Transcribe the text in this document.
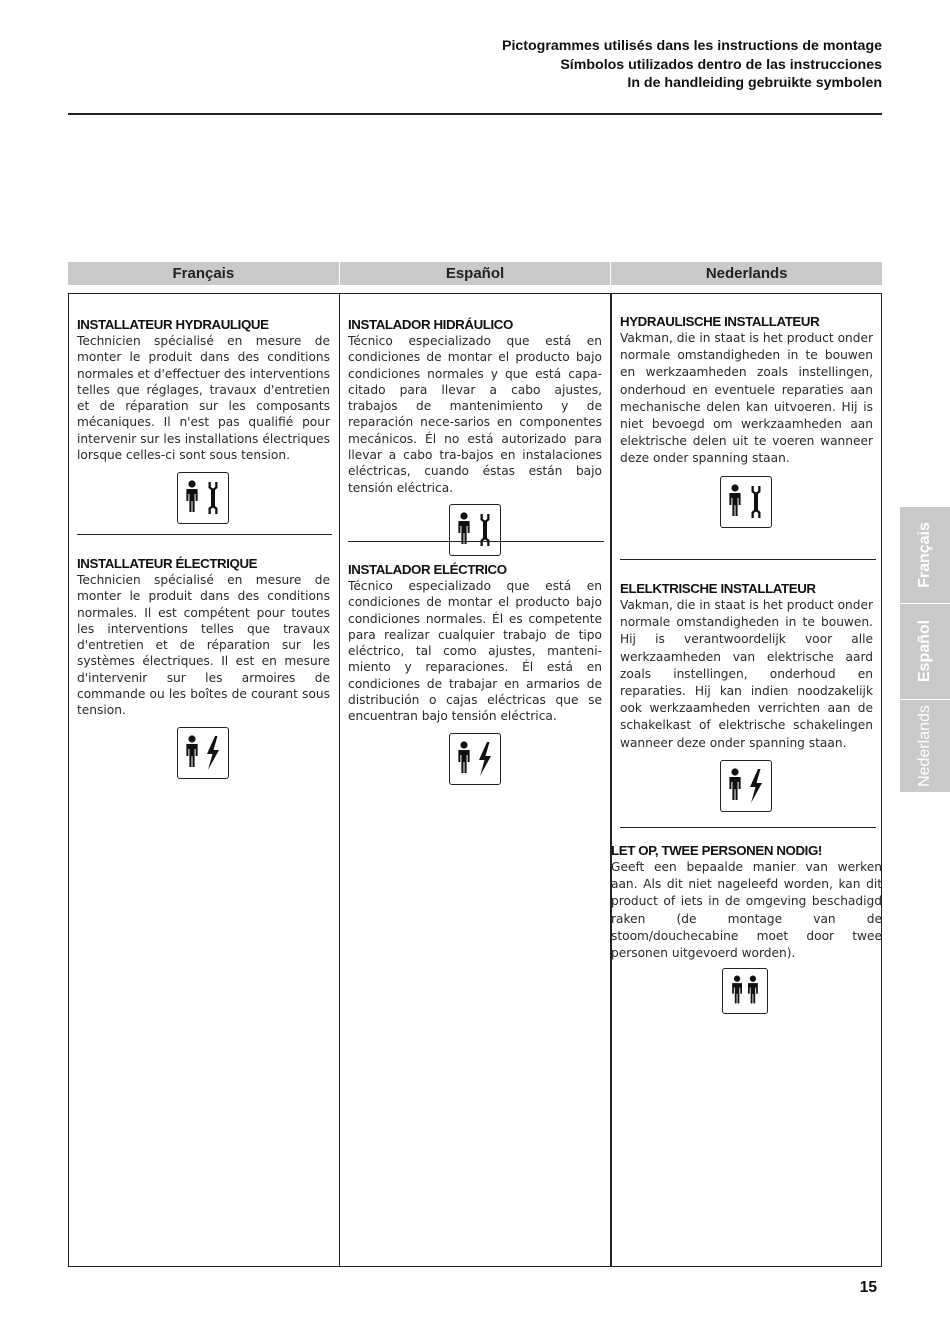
Pictogrammes utilisés dans les instructions de montage
Símbolos utilizados dentro de las instrucciones
In de handleiding gebruikte symbolen
Français	Español	Nederlands

INSTALLATEUR HYDRAULIQUE

Technicien spécialisé en mesure de monter le produit dans des conditions normales et d'effectuer des interventions telles que réglages, travaux d'entretien et de réparation sur les composants mécaniques. Il n'est pas qualifié pour intervenir sur les installations électriques lorsque celles-ci sont sous tension.

INSTALLATEUR ÉLECTRIQUE

Technicien spécialisé en mesure de monter le produit dans des conditions normales. Il est compétent pour toutes les interventions telles que travaux d'entretien et de réparation sur les systèmes électriques. Il est en mesure d'intervenir sur les armoires de commande ou les boîtes de courant sous tension.

INSTALADOR HIDRÁULICO

Técnico especializado que está en condiciones de montar el producto bajo condiciones normales y que está capa-citado para llevar a cabo ajustes, trabajos de mantenimiento y de reparación nece-sarios en componentes mecánicos. Él no está autorizado para llevar a cabo tra-bajos en instalaciones eléctricas, cuando éstas están bajo tensión eléctrica.

INSTALADOR ELÉCTRICO

Técnico especializado que está en condiciones de montar el producto bajo condiciones normales. Él es competente para realizar cualquier trabajo de tipo eléctrico, tal como ajustes, manteni-miento y reparaciones. Él está en condiciones de trabajar en armarios de distribución o cajas eléctricas que se encuentran bajo tensión eléctrica.

HYDRAULISCHE INSTALLATEUR

Vakman, die in staat is het product onder normale omstandigheden in te bouwen en werkzaamheden zoals instellingen, onderhoud en eventuele reparaties aan mechanische delen kan uitvoeren. Hij is niet bevoegd om werkzaamheden aan elektrische delen uit te voeren wanneer deze onder spanning staan.

ELELKTRISCHE INSTALLATEUR

Vakman, die in staat is het product onder normale omstandigheden in te bouwen. Hij is verantwoordelijk voor alle werkzaamheden van elektrische aard zoals instellingen, onderhoud en reparaties. Hij kan indien noodzakelijk ook werkzaamheden verrichten aan de schakelkast of elektrische schakelingen wanneer deze onder spanning staan.

LET OP, TWEE PERSONEN NODIG!

Geeft een bepaalde manier van werken aan. Als dit niet nageleefd worden, kan dit product of iets in de omgeving beschadigd raken (de montage van de stoom/douchecabine moet door twee personen uitgevoerd worden).

Français
Español
Nederlands
15
